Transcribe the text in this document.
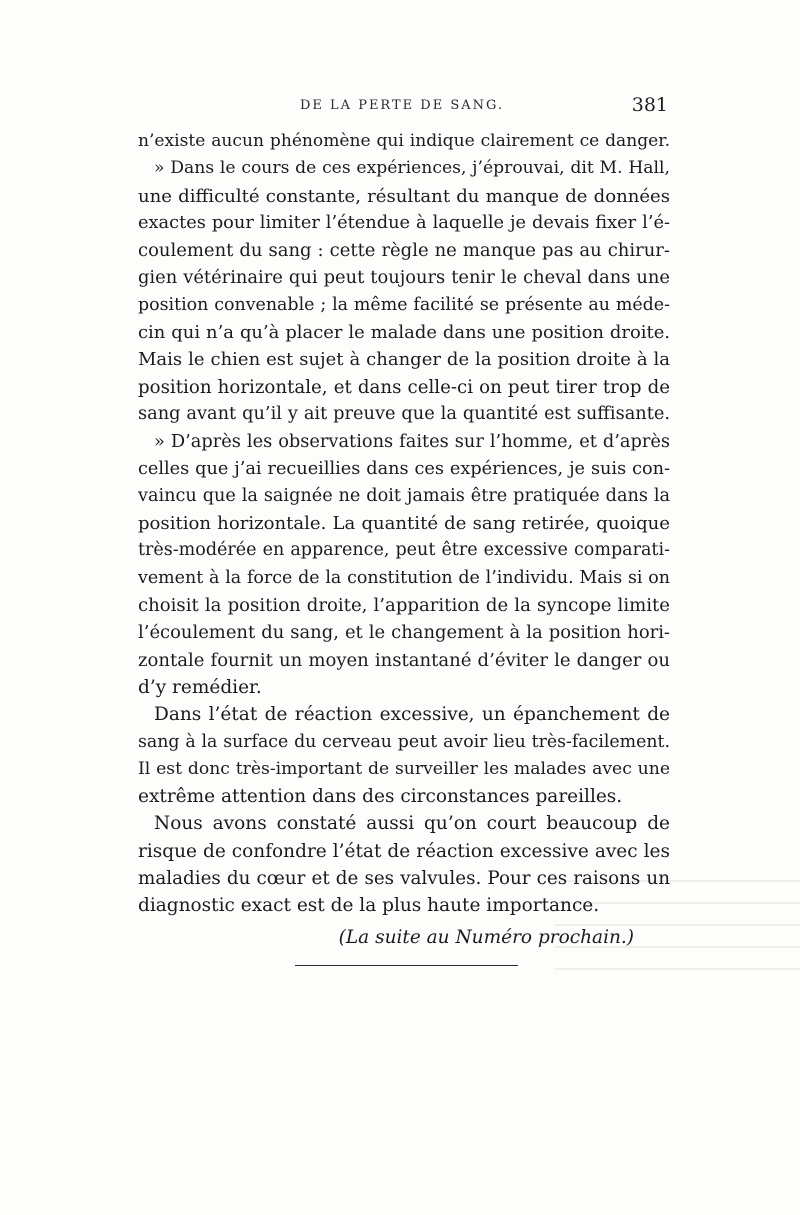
DE LA PERTE DE SANG.	381
n’existe aucun phénomène qui indique clairement ce danger.
» Dans le cours de ces expériences, j’éprouvai, dit M. Hall,
une difficulté constante, résultant du manque de données
exactes pour limiter l’étendue à laquelle je devais fixer l’é-
coulement du sang : cette règle ne manque pas au chirur-
gien vétérinaire qui peut toujours tenir le cheval dans une
position convenable ; la même facilité se présente au méde-
cin qui n’a qu’à placer le malade dans une position droite.
Mais le chien est sujet à changer de la position droite à la
position horizontale, et dans celle-ci on peut tirer trop de
sang avant qu’il y ait preuve que la quantité est suffisante.
» D’après les observations faites sur l’homme, et d’après
celles que j’ai recueillies dans ces expériences, je suis con-
vaincu que la saignée ne doit jamais être pratiquée dans la
position horizontale. La quantité de sang retirée, quoique
très-modérée en apparence, peut être excessive comparati-
vement à la force de la constitution de l’individu. Mais si on
choisit la position droite, l’apparition de la syncope limite
l’écoulement du sang, et le changement à la position hori-
zontale fournit un moyen instantané d’éviter le danger ou
d’y remédier.
Dans l’état de réaction excessive, un épanchement de
sang à la surface du cerveau peut avoir lieu très-facilement.
Il est donc très-important de surveiller les malades avec une
extrême attention dans des circonstances pareilles.
Nous avons constaté aussi qu’on court beaucoup de
risque de confondre l’état de réaction excessive avec les
maladies du cœur et de ses valvules. Pour ces raisons un
diagnostic exact est de la plus haute importance.
(La suite au Numéro prochain.)
